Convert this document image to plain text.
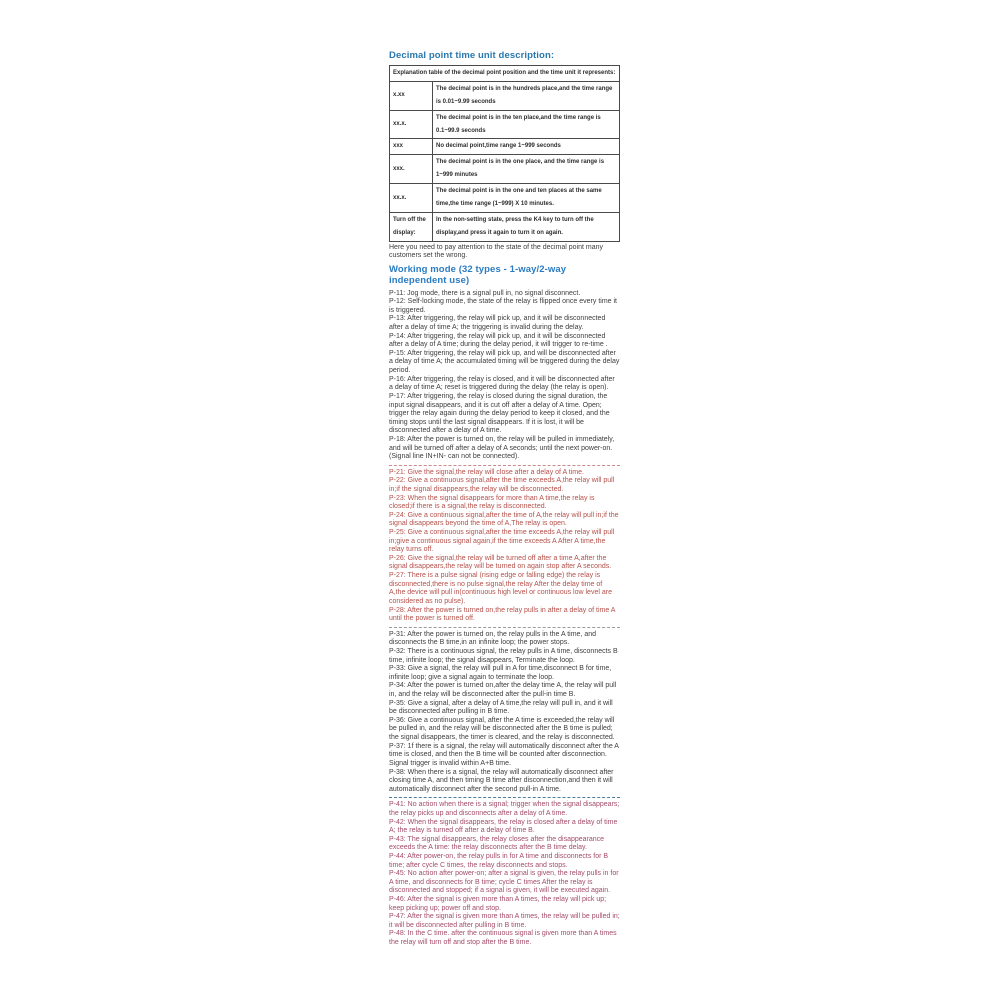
Decimal point time unit description:
Explanation table of the decimal point position and the time unit it represents:	
x.xx	The decimal point is in the hundreds place,and the time range is 0.01~9.99 seconds
xx.x.	The decimal point is in the ten place,and the time range is 0.1~99.9 seconds
xxx	No decimal point,time range 1~999 seconds
xxx.	The decimal point is in the one place, and the time range is 1~999 minutes
xx.x.	The decimal point is in the one and ten places at the same time,the time range (1~999) X 10 minutes.
Turn off the display:	In the non-setting state, press the K4 key to turn off the display,and press it again to turn it on again.

Here you need to pay attention to the state of the decimal point many customers set the wrong.

Working mode (32 types - 1-way/2-way independent use)

P-11: Jog mode, there is a signal pull in, no signal disconnect.

P-12: Self-locking mode, the state of the relay is flipped once every time it is triggered.

P-13: After triggering, the relay will pick up, and it will be disconnected after a delay of time A; the triggering is invalid during the delay.

P-14: After triggering, the relay will pick up, and it will be disconnected after a delay of A time; during the delay period, it will trigger to re-time .

P-15: After triggering, the relay will pick up, and will be disconnected after a delay of time A; the accumulated timing will be triggered during the delay period.

P-16: After triggering, the relay is closed, and it will be disconnected after a delay of time A; reset is triggered during the delay (the relay is open).

P-17: After triggering, the relay is closed during the signal duration, the input signal disappears, and it is cut off after a delay of A time. Open; trigger the relay again during the delay period to keep it closed, and the timing stops until the last signal disappears. If it is lost, it will be disconnected after a delay of A time.

P-18: After the power is turned on, the relay will be pulled in immediately, and will be turned off after a delay of A seconds; until the next power-on. (Signal line IN+IN- can not be connected).

P-21: Give the signal,the relay will close after a delay of A time.

P-22: Give a continuous signal,after the time exceeds A,the relay will pull in;if the signal disappears,the relay will be disconnected.

P-23: When the signal disappears for more than A time,the relay is closed;if there is a signal,the relay is disconnected.

P-24: Give a continuous signal,after the time of A,the relay will pull in;if the signal disappears beyond the time of A,The relay is open.

P-25: Give a continuous signal,after the time exceeds A,the relay will pull in;give a continuous signal again,if the time exceeds A After A time,the relay turns off.

P-26: Give the signal,the relay will be turned off after a time A,after the signal disappears,the relay will be turned on again stop after A seconds.

P-27: There is a pulse signal (rising edge or falling edge) the relay is disconnected,there is no pulse signal,the relay After the delay time of A,the device will pull in(continuous high level or continuous low level are considered as no pulse).

P-28: After the power is turned on,the relay pulls in after a delay of time A until the power is turned off.

P-31: After the power is turned on, the relay pulls in the A time, and disconnects the B time,in an infinite loop; the power stops.

P-32: There is a continuous signal, the relay pulls in A time, disconnects B time, infinite loop; the signal disappears, Terminate the loop.

P-33: Give a signal, the relay will pull in A for time,disconnect B for time, infinite loop; give a signal again to terminate the loop.

P-34: After the power is turned on,after the delay time A, the relay will pull in, and the relay will be disconnected after the pull-in time B.

P-35: Give a signal, after a delay of A time,the relay will pull in, and it will be disconnected after pulling in B time.

P-36: Give a continuous signal, after the A time is exceeded,the relay will be pulled in, and the relay will be disconnected after the B time is pulled; the signal disappears, the timer is cleared, and the relay is disconnected.

P-37: 1f there is a signal, the relay will automatically disconnect after the A time is closed, and then the B time will be counted after disconnection. Signal trigger is invalid within A+B time.

P-38: When there is a signal, the relay will automatically disconnect after closing time A, and then timing B time after disconnection,and then it will automatically disconnect after the second pull-in A time.

P-41: No action when there is a signal; trigger when the signal disappears; the relay picks up and disconnects after a delay of A time.

P-42: When the signal disappears, the relay is closed after a delay of time A; the relay is turned off after a delay of time B.

P-43: The signal disappears, the relay closes after the disappearance exceeds the A time: the relay disconnects after the B time delay.

P-44: After power-on, the relay pulls in for A time and disconnects for B time; after cycle C times, the relay disconnects and stops.

P-45: No action after power-on; after a signal is given, the relay pulls in for A time, and disconnects for B time; cycle C times After the relay is disconnected and stopped; if a signal is given, it will be executed again.

P-46: After the signal is given more than A times, the relay will pick up; keep picking up; power off and stop.

P-47: After the signal is given more than A times, the relay will be pulled in; it will be disconnected after pulling in B time.

P-48: In the C time. after the continuous signal is given more than A times the relay will turn off and stop after the B time.
